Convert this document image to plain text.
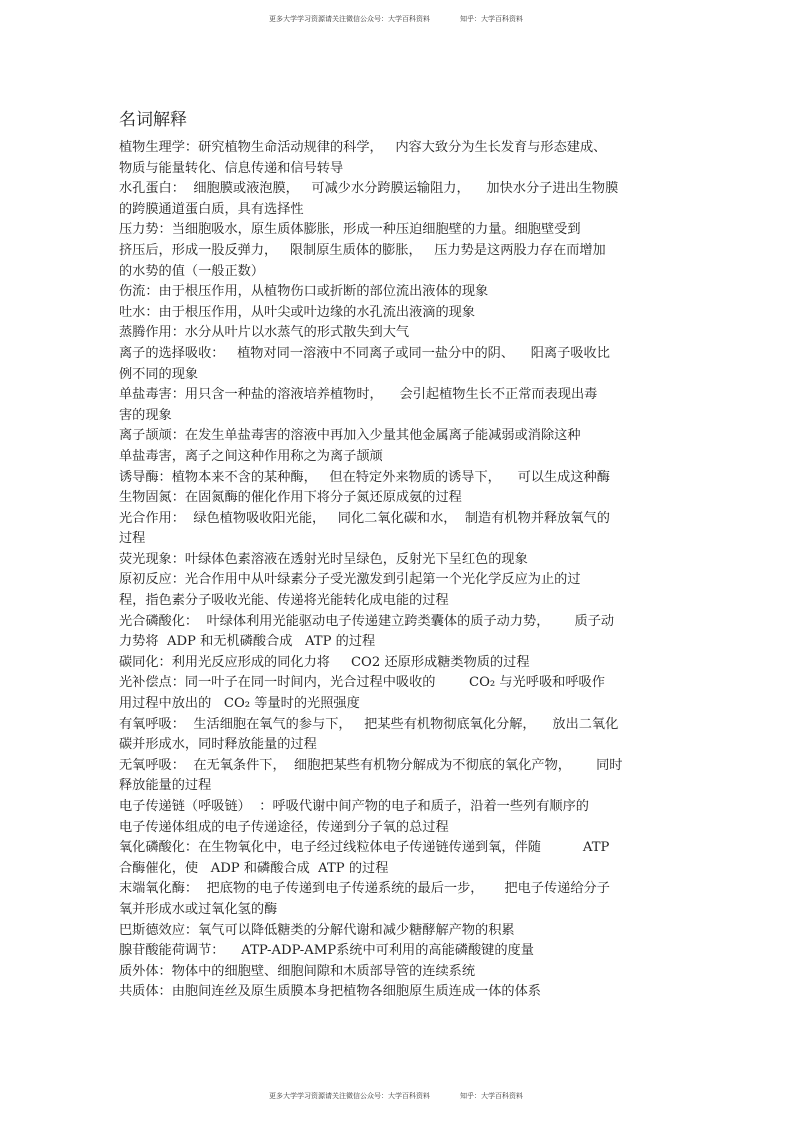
更多大学学习资源请关注微信公众号：大学百科资料	知乎：大学百科资料
名词解释

植物生理学：研究植物生命活动规律的科学，   内容大致分为生长发育与形态建成、
物质与能量转化、信息传递和信号转导

水孔蛋白：  细胞膜或液泡膜，   可减少水分跨膜运输阻力，    加快水分子进出生物膜
的跨膜通道蛋白质，具有选择性

压力势：当细胞吸水，原生质体膨胀，形成一种压迫细胞壁的力量。细胞壁受到
挤压后，形成一股反弹力，   限制原生质体的膨胀，   压力势是这两股力存在而增加
的水势的值（一般正数）

伤流：由于根压作用，从植物伤口或折断的部位流出液体的现象

吐水：由于根压作用，从叶尖或叶边缘的水孔流出液滴的现象

蒸腾作用：水分从叶片以水蒸气的形式散失到大气

离子的选择吸收：   植物对同一溶液中不同离子或同一盐分中的阴、    阳离子吸收比
例不同的现象

单盐毒害：用只含一种盐的溶液培养植物时，    会引起植物生长不正常而表现出毒
害的现象

离子颉颃：在发生单盐毒害的溶液中再加入少量其他金属离子能减弱或消除这种
单盐毒害，离子之间这种作用称之为离子颉颃

诱导酶：植物本来不含的某种酶，   但在特定外来物质的诱导下，    可以生成这种酶

生物固氮：在固氮酶的催化作用下将分子氮还原成氨的过程

光合作用：  绿色植物吸收阳光能，   同化二氧化碳和水，  制造有机物并释放氧气的
过程

荧光现象：叶绿体色素溶液在透射光时呈绿色，反射光下呈红色的现象

原初反应：光合作用中从叶绿素分子受光激发到引起第一个光化学反应为止的过
程，指色素分子吸收光能、传递将光能转化成电能的过程

光合磷酸化：  叶绿体利用光能驱动电子传递建立跨类囊体的质子动力势，      质子动
力势将  ADP 和无机磷酸合成   ATP 的过程

碳同化：利用光反应形成的同化力将     CO2 还原形成糖类物质的过程

光补偿点：同一叶子在同一时间内，光合过程中吸收的        CO₂ 与光呼吸和呼吸作
用过程中放出的   CO₂ 等量时的光照强度

有氧呼吸：  生活细胞在氧气的参与下，   把某些有机物彻底氧化分解，    放出二氧化
碳并形成水，同时释放能量的过程

无氧呼吸：  在无氧条件下，  细胞把某些有机物分解成为不彻底的氧化产物，      同时
释放能量的过程

电子传递链（呼吸链）  ：呼吸代谢中间产物的电子和质子，沿着一些列有顺序的
电子传递体组成的电子传递途径，传递到分子氧的总过程

氧化磷酸化：在生物氧化中，电子经过线粒体电子传递链传递到氧，伴随          ATP
合酶催化，使   ADP 和磷酸合成  ATP 的过程

末端氧化酶：  把底物的电子传递到电子传递系统的最后一步，     把电子传递给分子
氧并形成水或过氧化氢的酶

巴斯德效应：氧气可以降低糖类的分解代谢和减少糖酵解产物的积累

腺苷酸能荷调节：    ATP-ADP-AMP系统中可利用的高能磷酸键的度量

质外体：物体中的细胞壁、细胞间隙和木质部导管的连续系统

共质体：由胞间连丝及原生质膜本身把植物各细胞原生质连成一体的体系

更多大学学习资源请关注微信公众号：大学百科资料	知乎：大学百科资料
